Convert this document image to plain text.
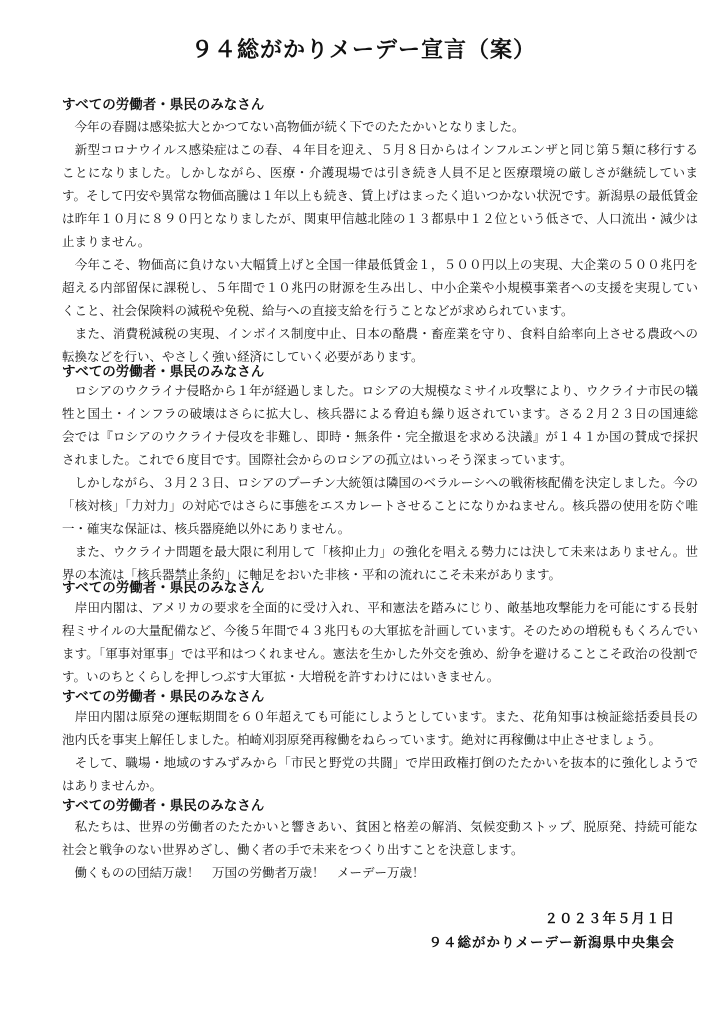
９４総がかりメーデー宣言（案）
すべての労働者・県民のみなさん
　今年の春闘は感染拡大とかつてない高物価が続く下でのたたかいとなりました。
　新型コロナウイルス感染症はこの春、４年目を迎え、５月８日からはインフルエンザと同じ第５類に移行することになりました。しかしながら、医療・介護現場では引き続き人員不足と医療環境の厳しさが継続しています。そして円安や異常な物価高騰は１年以上も続き、賃上げはまったく追いつかない状況です。新潟県の最低賃金は昨年１０月に８９０円となりましたが、関東甲信越北陸の１３都県中１２位という低さで、人口流出・減少は止まりません。
　今年こそ、物価高に負けない大幅賃上げと全国一律最低賃金１，５００円以上の実現、大企業の５００兆円を超える内部留保に課税し、５年間で１０兆円の財源を生み出し、中小企業や小規模事業者への支援を実現していくこと、社会保険料の減税や免税、給与への直接支給を行うことなどが求められています。
　また、消費税減税の実現、インボイス制度中止、日本の酪農・畜産業を守り、食料自給率向上させる農政への転換などを行い、やさしく強い経済にしていく必要があります。
すべての労働者・県民のみなさん
　ロシアのウクライナ侵略から１年が経過しました。ロシアの大規模なミサイル攻撃により、ウクライナ市民の犠牲と国土・インフラの破壊はさらに拡大し、核兵器による脅迫も繰り返されています。さる２月２３日の国連総会では『ロシアのウクライナ侵攻を非難し、即時・無条件・完全撤退を求める決議』が１４１か国の賛成で採択されました。これで６度目です。国際社会からのロシアの孤立はいっそう深まっています。
　しかしながら、３月２３日、ロシアのプーチン大統領は隣国のベラルーシへの戦術核配備を決定しました。今の「核対核」「力対力」の対応ではさらに事態をエスカレートさせることになりかねません。核兵器の使用を防ぐ唯一・確実な保証は、核兵器廃絶以外にありません。
　また、ウクライナ問題を最大限に利用して「核抑止力」の強化を唱える勢力には決して未来はありません。世界の本流は「核兵器禁止条約」に軸足をおいた非核・平和の流れにこそ未来があります。
すべての労働者・県民のみなさん
　岸田内閣は、アメリカの要求を全面的に受け入れ、平和憲法を踏みにじり、敵基地攻撃能力を可能にする長射程ミサイルの大量配備など、今後５年間で４３兆円もの大軍拡を計画しています。そのための増税ももくろんでいます。「軍事対軍事」では平和はつくれません。憲法を生かした外交を強め、紛争を避けることこそ政治の役割です。いのちとくらしを押しつぶす大軍拡・大増税を許すわけにはいきません。
すべての労働者・県民のみなさん
　岸田内閣は原発の運転期間を６０年超えても可能にしようとしています。また、花角知事は検証総括委員長の池内氏を事実上解任しました。柏崎刈羽原発再稼働をねらっています。絶対に再稼働は中止させましょう。
　そして、職場・地域のすみずみから「市民と野党の共闘」で岸田政権打倒のたたかいを抜本的に強化しようではありませんか。
すべての労働者・県民のみなさん
　私たちは、世界の労働者のたたかいと響きあい、貧困と格差の解消、気候変動ストップ、脱原発、持続可能な社会と戦争のない世界めざし、働く者の手で未来をつくり出すことを決意します。
　働くものの団結万歳！　万国の労働者万歳！　メーデー万歳！
２０２３年５月１日
９４総がかりメーデー新潟県中央集会
